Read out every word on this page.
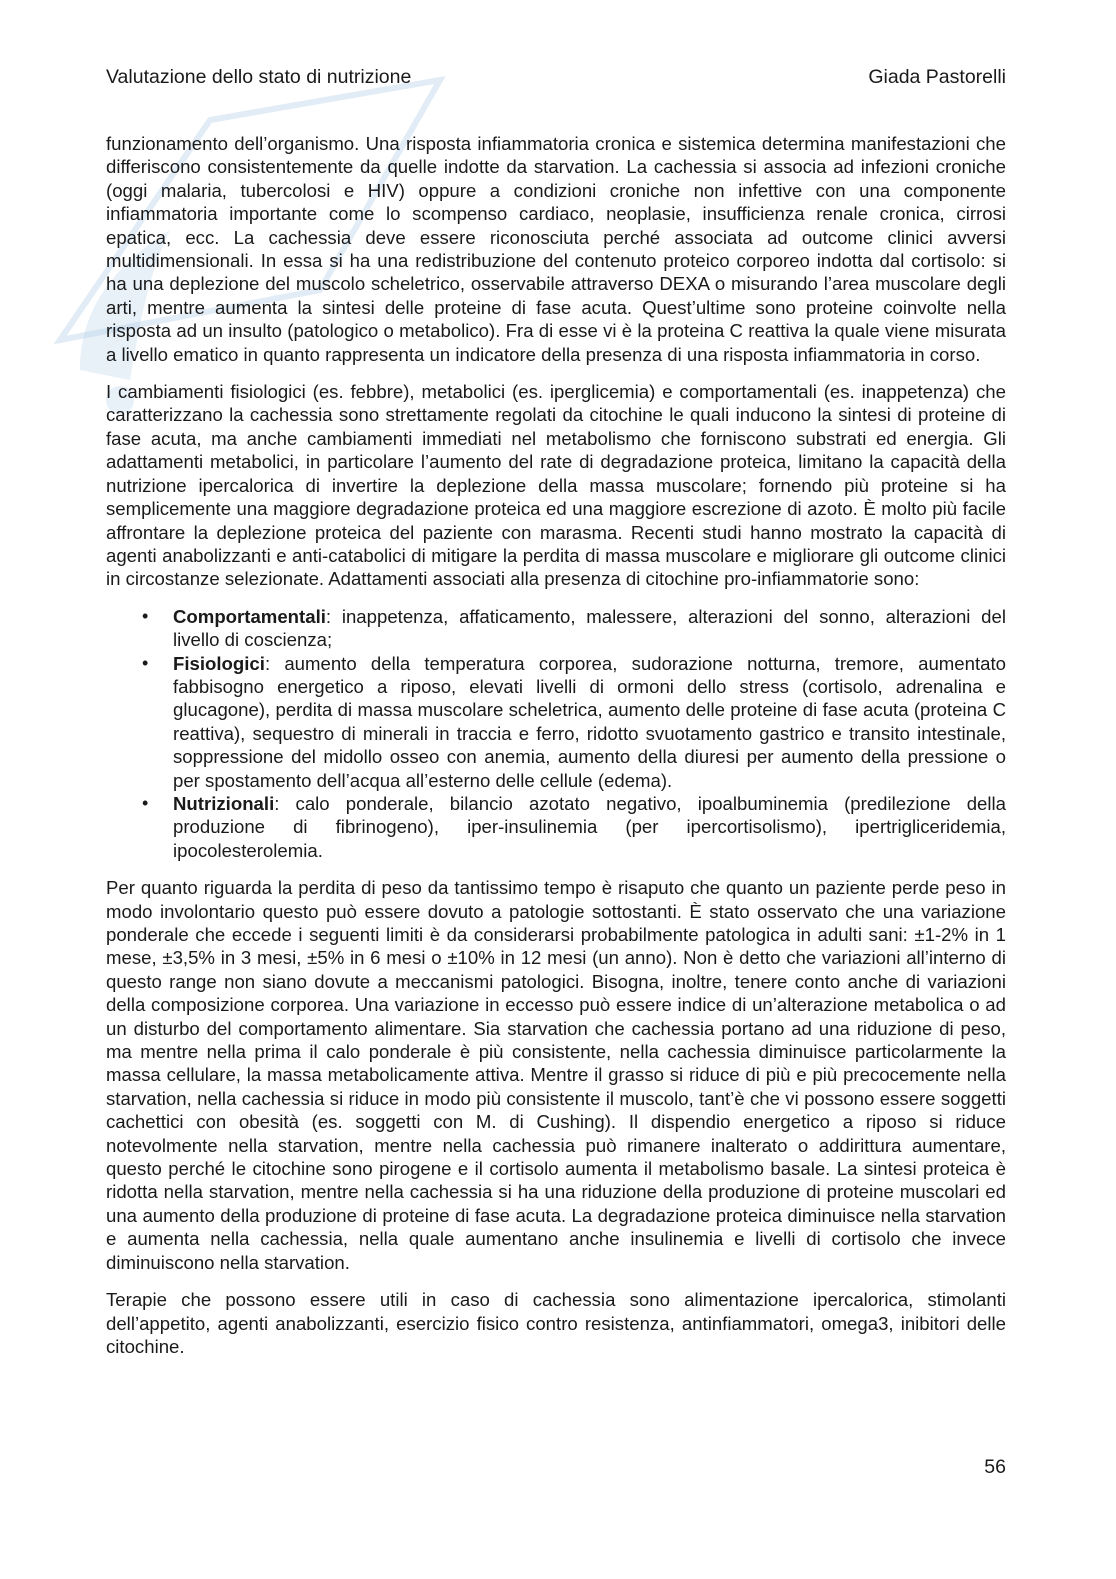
Valutazione dello stato di nutrizione	Giada Pastorelli

funzionamento dell’organismo. Una risposta infiammatoria cronica e sistemica determina manifestazioni che differiscono consistentemente da quelle indotte da starvation. La cachessia si associa ad infezioni croniche (oggi malaria, tubercolosi e HIV) oppure a condizioni croniche non infettive con una componente infiammatoria importante come lo scompenso cardiaco, neoplasie, insufficienza renale cronica, cirrosi epatica, ecc. La cachessia deve essere riconosciuta perché associata ad outcome clinici avversi multidimensionali. In essa si ha una redistribuzione del contenuto proteico corporeo indotta dal cortisolo: si ha una deplezione del muscolo scheletrico, osservabile attraverso DEXA o misurando l’area muscolare degli arti, mentre aumenta la sintesi delle proteine di fase acuta. Quest’ultime sono proteine coinvolte nella risposta ad un insulto (patologico o metabolico). Fra di esse vi è la proteina C reattiva la quale viene misurata a livello ematico in quanto rappresenta un indicatore della presenza di una risposta infiammatoria in corso.

I cambiamenti fisiologici (es. febbre), metabolici (es. iperglicemia) e comportamentali (es. inappetenza) che caratterizzano la cachessia sono strettamente regolati da citochine le quali inducono la sintesi di proteine di fase acuta, ma anche cambiamenti immediati nel metabolismo che forniscono substrati ed energia. Gli adattamenti metabolici, in particolare l’aumento del rate di degradazione proteica, limitano la capacità della nutrizione ipercalorica di invertire la deplezione della massa muscolare; fornendo più proteine si ha semplicemente una maggiore degradazione proteica ed una maggiore escrezione di azoto. È molto più facile affrontare la deplezione proteica del paziente con marasma. Recenti studi hanno mostrato la capacità di agenti anabolizzanti e anti-catabolici di mitigare la perdita di massa muscolare e migliorare gli outcome clinici in circostanze selezionate. Adattamenti associati alla presenza di citochine pro-infiammatorie sono:

• Comportamentali: inappetenza, affaticamento, malessere, alterazioni del sonno, alterazioni del livello di coscienza;
• Fisiologici: aumento della temperatura corporea, sudorazione notturna, tremore, aumentato fabbisogno energetico a riposo, elevati livelli di ormoni dello stress (cortisolo, adrenalina e glucagone), perdita di massa muscolare scheletrica, aumento delle proteine di fase acuta (proteina C reattiva), sequestro di minerali in traccia e ferro, ridotto svuotamento gastrico e transito intestinale, soppressione del midollo osseo con anemia, aumento della diuresi per aumento della pressione o per spostamento dell’acqua all’esterno delle cellule (edema).
• Nutrizionali: calo ponderale, bilancio azotato negativo, ipoalbuminemia (predilezione della produzione di fibrinogeno), iper-insulinemia (per ipercortisolismo), ipertrigliceridemia, ipocolesterolemia.

Per quanto riguarda la perdita di peso da tantissimo tempo è risaputo che quanto un paziente perde peso in modo involontario questo può essere dovuto a patologie sottostanti. È stato osservato che una variazione ponderale che eccede i seguenti limiti è da considerarsi probabilmente patologica in adulti sani: ±1-2% in 1 mese, ±3,5% in 3 mesi, ±5% in 6 mesi o ±10% in 12 mesi (un anno). Non è detto che variazioni all’interno di questo range non siano dovute a meccanismi patologici. Bisogna, inoltre, tenere conto anche di variazioni della composizione corporea. Una variazione in eccesso può essere indice di un’alterazione metabolica o ad un disturbo del comportamento alimentare. Sia starvation che cachessia portano ad una riduzione di peso, ma mentre nella prima il calo ponderale è più consistente, nella cachessia diminuisce particolarmente la massa cellulare, la massa metabolicamente attiva. Mentre il grasso si riduce di più e più precocemente nella starvation, nella cachessia si riduce in modo più consistente il muscolo, tant’è che vi possono essere soggetti cachettici con obesità (es. soggetti con M. di Cushing). Il dispendio energetico a riposo si riduce notevolmente nella starvation, mentre nella cachessia può rimanere inalterato o addirittura aumentare, questo perché le citochine sono pirogene e il cortisolo aumenta il metabolismo basale. La sintesi proteica è ridotta nella starvation, mentre nella cachessia si ha una riduzione della produzione di proteine muscolari ed una aumento della produzione di proteine di fase acuta. La degradazione proteica diminuisce nella starvation e aumenta nella cachessia, nella quale aumentano anche insulinemia e livelli di cortisolo che invece diminuiscono nella starvation.

Terapie che possono essere utili in caso di cachessia sono alimentazione ipercalorica, stimolanti dell’appetito, agenti anabolizzanti, esercizio fisico contro resistenza, antinfiammatori, omega3, inibitori delle citochine.

56
